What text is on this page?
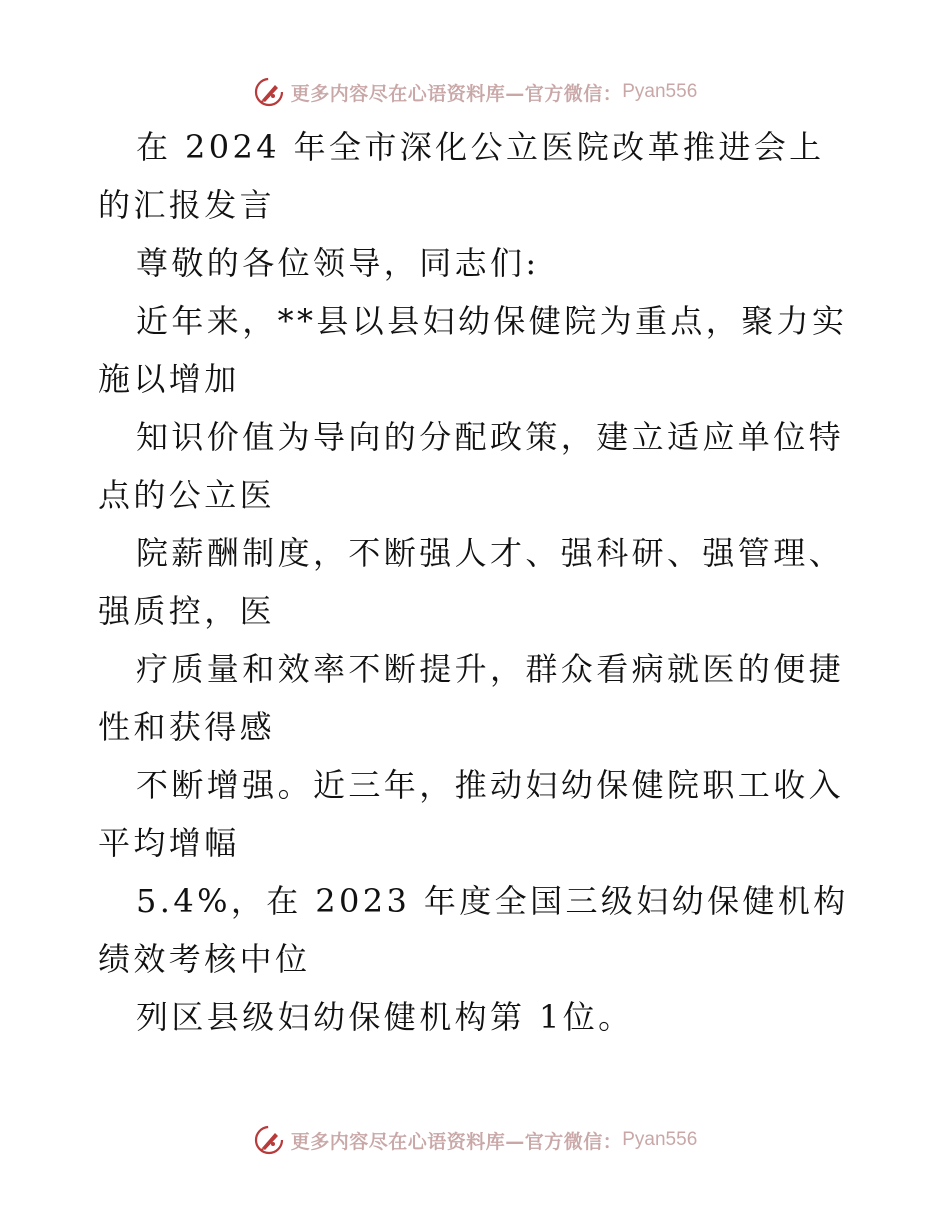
更多内容尽在心语资料库—官方微信： Pyan556

在 2024 年全市深化公立医院改革推进会上的汇报发言

尊敬的各位领导，同志们:

近年来，**县以县妇幼保健院为重点，聚力实施以增加

知识价值为导向的分配政策，建立适应单位特点的公立医

院薪酬制度，不断强人才、强科研、强管理、强质控，医

疗质量和效率不断提升，群众看病就医的便捷性和获得感

不断增强。近三年，推动妇幼保健院职工收入平均增幅

5.4%，在 2023 年度全国三级妇幼保健机构绩效考核中位

列区县级妇幼保健机构第 1位。

更多内容尽在心语资料库—官方微信： Pyan556
